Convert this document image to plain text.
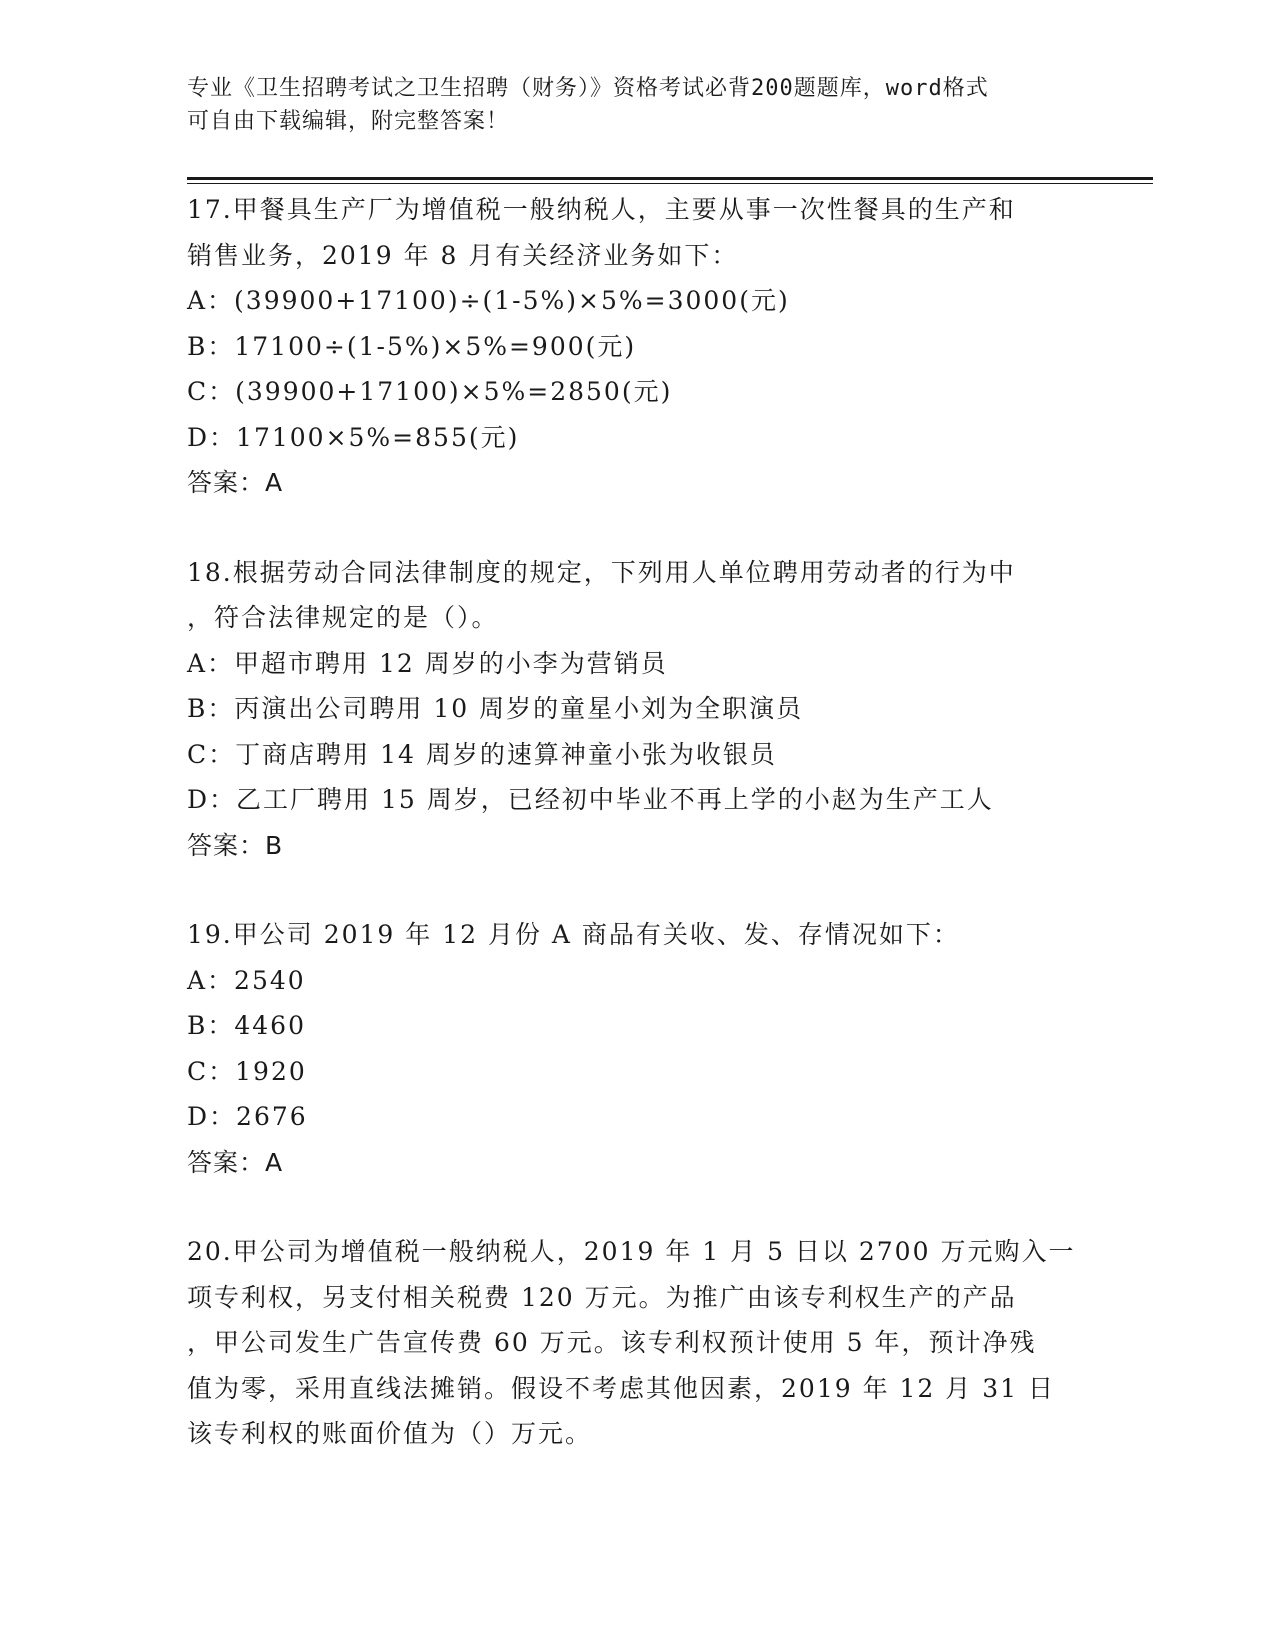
专业《卫生招聘考试之卫生招聘（财务）》资格考试必背200题题库，word格式
可自由下载编辑，附完整答案！
17.甲餐具生产厂为增值税一般纳税人，主要从事一次性餐具的生产和
销售业务，2019 年 8 月有关经济业务如下：
A：(39900+17100)÷(1-5%)×5%=3000(元)
B：17100÷(1-5%)×5%=900(元)
C：(39900+17100)×5%=2850(元)
D：17100×5%=855(元)
答案：A
18.根据劳动合同法律制度的规定，下列用人单位聘用劳动者的行为中
，符合法律规定的是（）。
A：甲超市聘用 12 周岁的小李为营销员
B：丙演出公司聘用 10 周岁的童星小刘为全职演员
C：丁商店聘用 14 周岁的速算神童小张为收银员
D：乙工厂聘用 15 周岁，已经初中毕业不再上学的小赵为生产工人
答案：B
19.甲公司 2019 年 12 月份 A 商品有关收、发、存情况如下：
A：2540
B：4460
C：1920
D：2676
答案：A
20.甲公司为增值税一般纳税人，2019 年 1 月 5 日以 2700 万元购入一
项专利权，另支付相关税费 120 万元。为推广由该专利权生产的产品
，甲公司发生广告宣传费 60 万元。该专利权预计使用 5 年，预计净残
值为零，采用直线法摊销。假设不考虑其他因素，2019 年 12 月 31 日
该专利权的账面价值为（）万元。
